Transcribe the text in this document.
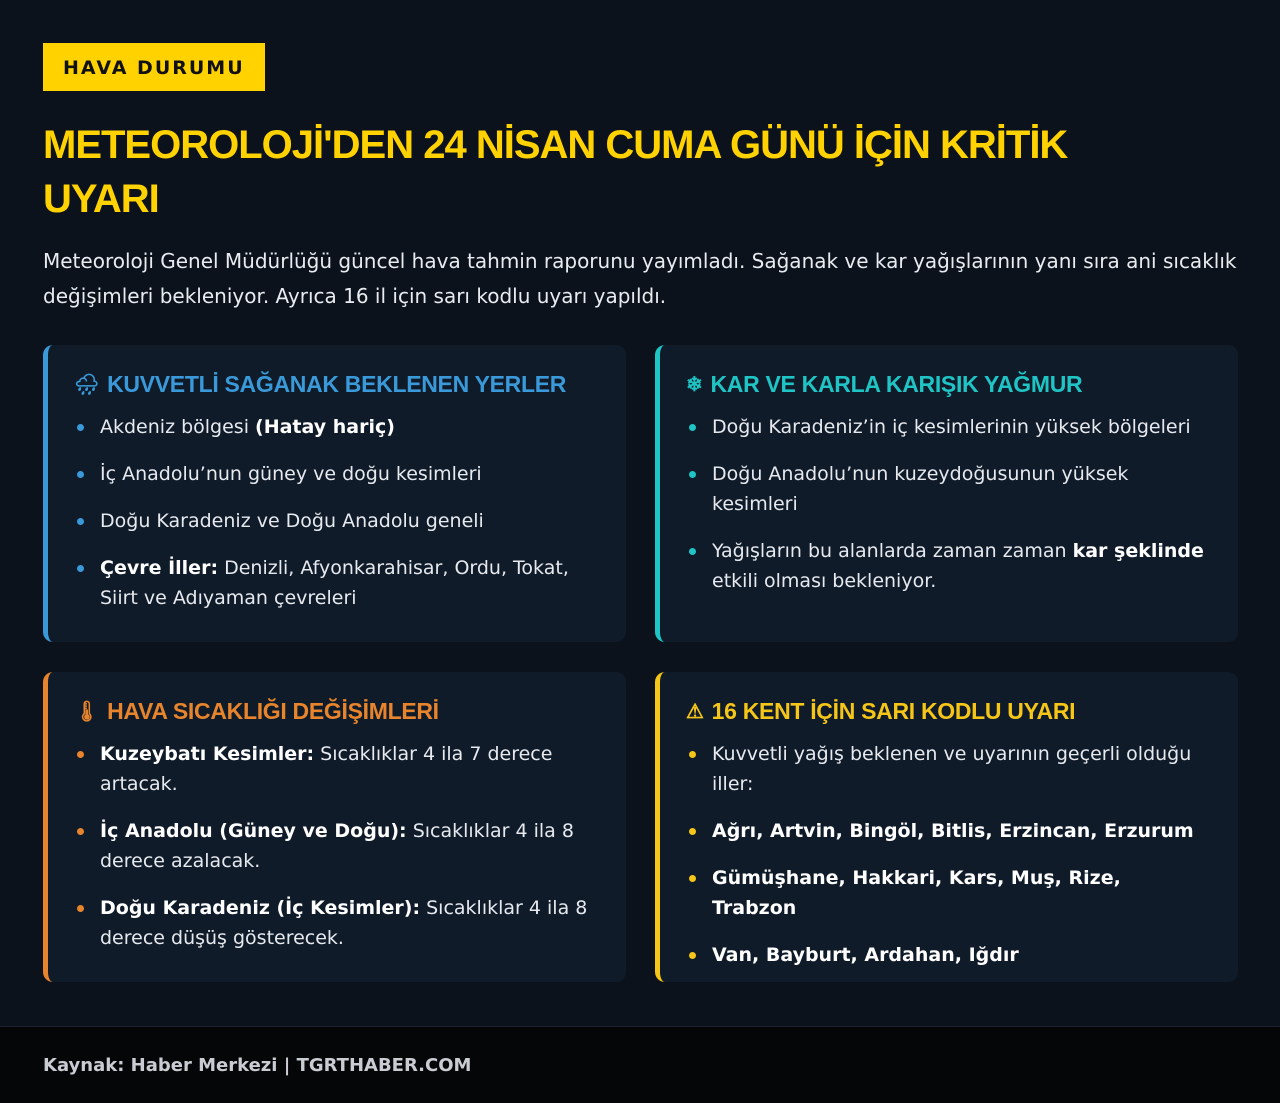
HAVA DURUMU
METEOROLOJİ'DEN 24 NİSAN CUMA GÜNÜ İÇİN KRİTİK UYARI

Meteoroloji Genel Müdürlüğü güncel hava tahmin raporunu yayımladı. Sağanak ve kar yağışlarının yanı sıra ani sıcaklık değişimleri bekleniyor. Ayrıca 16 il için sarı kodlu uyarı yapıldı.

🌧 KUVVETLİ SAĞANAK BEKLENEN YERLER
Akdeniz bölgesi (Hatay hariç)
İç Anadolu’nun güney ve doğu kesimleri
Doğu Karadeniz ve Doğu Anadolu geneli
Çevre İller: Denizli, Afyonkarahisar, Ordu, Tokat, Siirt ve Adıyaman çevreleri
❄ KAR VE KARLA KARIŞIK YAĞMUR
Doğu Karadeniz’in iç kesimlerinin yüksek bölgeleri
Doğu Anadolu’nun kuzeydoğusunun yüksek kesimleri
Yağışların bu alanlarda zaman zaman kar şeklinde etkili olması bekleniyor.
🌡 HAVA SICAKLIĞI DEĞİŞİMLERİ
Kuzeybatı Kesimler: Sıcaklıklar 4 ila 7 derece artacak.
İç Anadolu (Güney ve Doğu): Sıcaklıklar 4 ila 8 derece azalacak.
Doğu Karadeniz (İç Kesimler): Sıcaklıklar 4 ila 8 derece düşüş gösterecek.
⚠ 16 KENT İÇİN SARI KODLU UYARI
Kuvvetli yağış beklenen ve uyarının geçerli olduğu iller:
Ağrı, Artvin, Bingöl, Bitlis, Erzincan, Erzurum
Gümüşhane, Hakkari, Kars, Muş, Rize, Trabzon
Van, Bayburt, Ardahan, Iğdır
Kaynak: Haber Merkezi | TGRTHABER.COM
